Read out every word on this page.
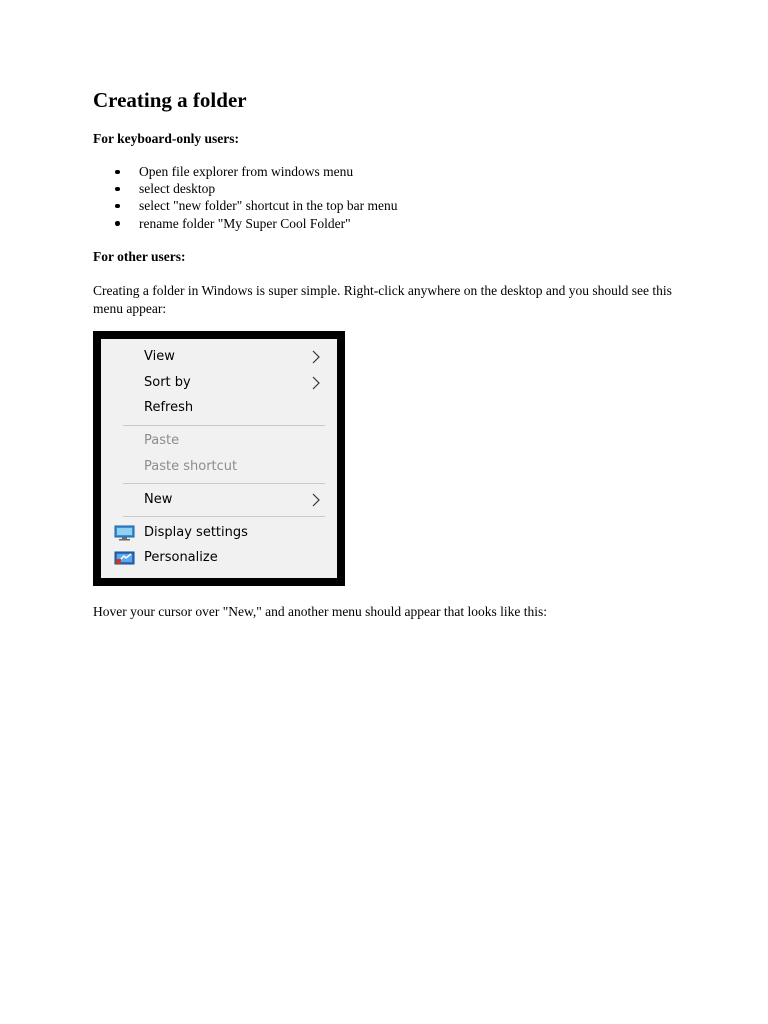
Creating a folder

For keyboard-only users:

Open file explorer from windows menu
select desktop
select "new folder" shortcut in the top bar menu
rename folder "My Super Cool Folder"

For other users:

Creating a folder in Windows is super simple. Right-click anywhere on the desktop and you should see this menu appear:

View
Sort by
Refresh
Paste
Paste shortcut
New
Display settings
Personalize

Hover your cursor over "New," and another menu should appear that looks like this:
